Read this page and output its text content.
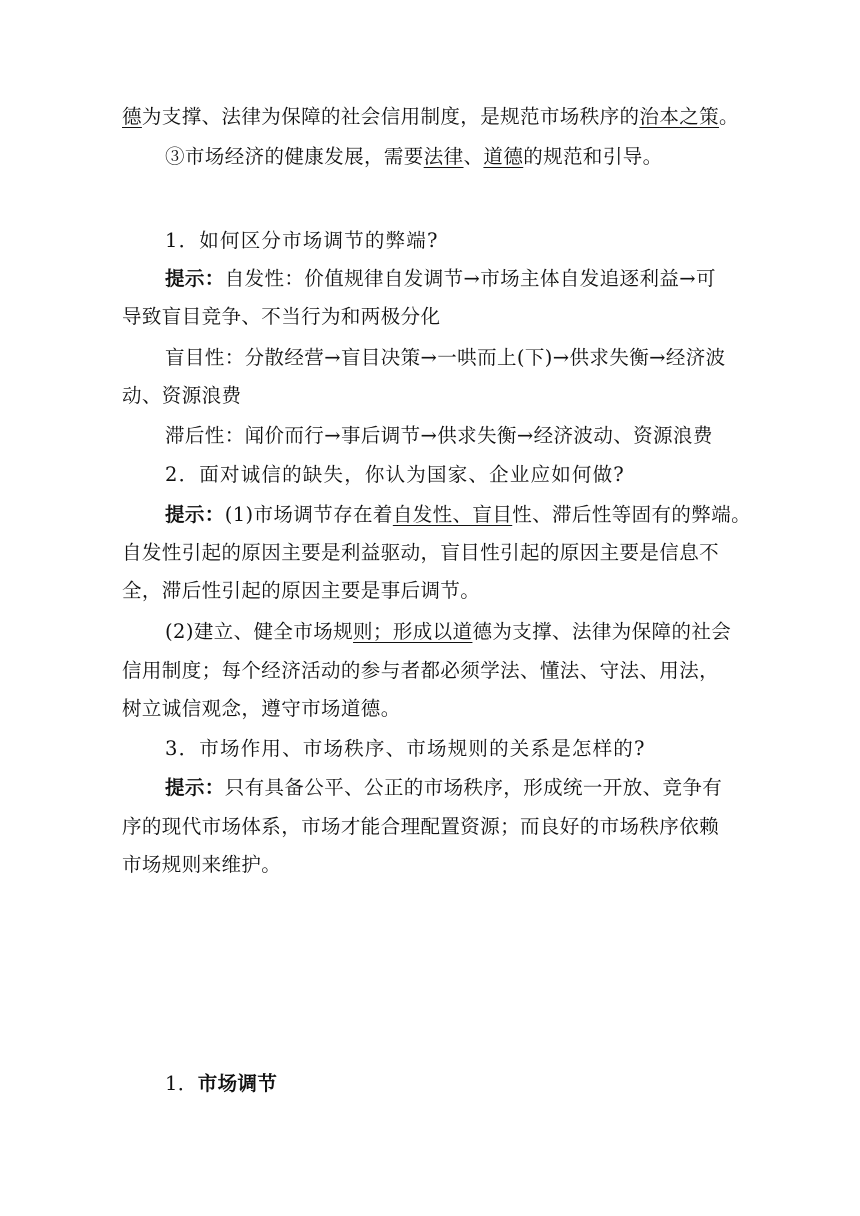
德为支撑、法律为保障的社会信用制度，是规范市场秩序的治本之策。
③市场经济的健康发展，需要法律、道德的规范和引导。
1．如何区分市场调节的弊端?
提示：自发性：价值规律自发调节→市场主体自发追逐利益→可
导致盲目竞争、不当行为和两极分化
盲目性：分散经营→盲目决策→一哄而上(下)→供求失衡→经济波
动、资源浪费
滞后性：闻价而行→事后调节→供求失衡→经济波动、资源浪费
2．面对诚信的缺失，你认为国家、企业应如何做?
提示：(1)市场调节存在着自发性、盲目性、滞后性等固有的弊端。
自发性引起的原因主要是利益驱动，盲目性引起的原因主要是信息不
全，滞后性引起的原因主要是事后调节。
(2)建立、健全市场规则；形成以道德为支撑、法律为保障的社会
信用制度；每个经济活动的参与者都必须学法、懂法、守法、用法，
树立诚信观念，遵守市场道德。
3．市场作用、市场秩序、市场规则的关系是怎样的?
提示：只有具备公平、公正的市场秩序，形成统一开放、竞争有
序的现代市场体系，市场才能合理配置资源；而良好的市场秩序依赖
市场规则来维护。
1．市场调节
